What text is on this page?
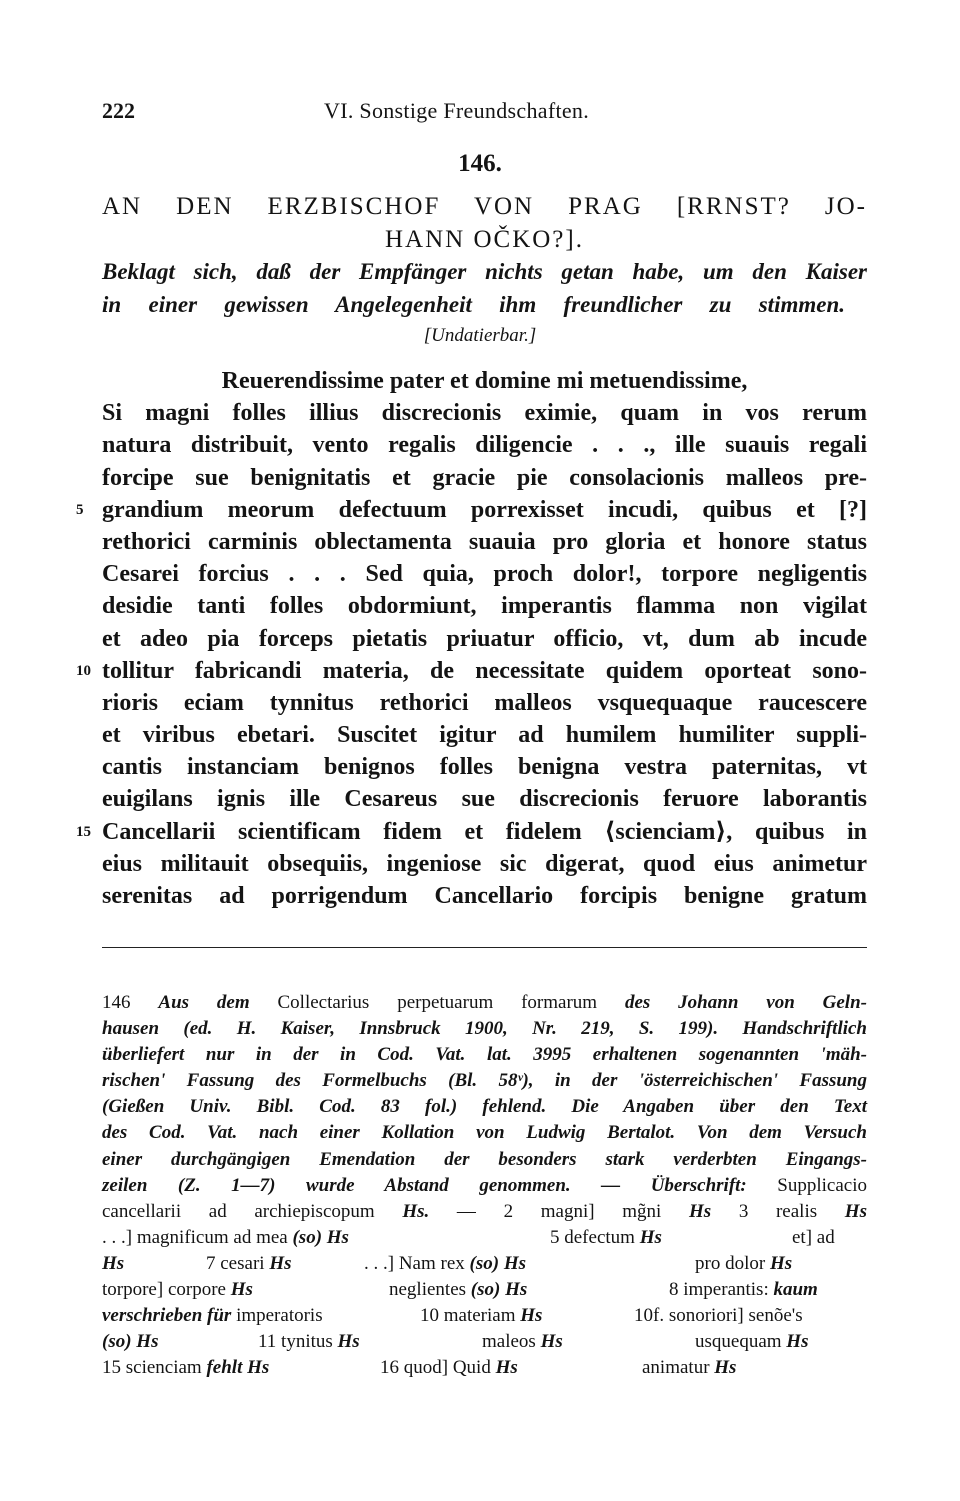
222	VI. Sonstige Freundschaften.
146.
AN DEN ERZBISCHOF VON PRAG [RRNST? JO-
HANN OČKO?].
Beklagt sich, daß der Empfänger nichts getan habe, um den Kaiser
in einer gewissen Angelegenheit ihm freundlicher zu stimmen.
[Undatierbar.]
Reuerendissime pater et domine mi metuendissime,
Si magni folles illius discrecionis eximie, quam in vos rerum
natura distribuit, vento regalis diligencie . . ., ille suauis regali
forcipe sue benignitatis et gracie pie consolacionis malleos pre-
5 grandium meorum defectuum porrexisset incudi, quibus et [?]
rethorici carminis oblectamenta suauia pro gloria et honore status
Cesarei forcius . . . Sed quia, proch dolor!, torpore negligentis
desidie tanti folles obdormiunt, imperantis flamma non vigilat
et adeo pia forceps pietatis priuatur officio, vt, dum ab incude
10 tollitur fabricandi materia, de necessitate quidem oporteat sono-
rioris eciam tynnitus rethorici malleos vsquequaque raucescere
et viribus ebetari. Suscitet igitur ad humilem humiliter suppli-
cantis instanciam benignos folles benigna vestra paternitas, vt
euigilans ignis ille Cesareus sue discrecionis feruore laborantis
15 Cancellarii scientificam fidem et fidelem ⟨scienciam⟩, quibus in
eius militauit obsequiis, ingeniose sic digerat, quod eius animetur
serenitas ad porrigendum Cancellario forcipis benigne gratum
146 Aus dem Collectarius perpetuarum formarum des Johann von Geln-
hausen (ed. H. Kaiser, Innsbruck 1900, Nr. 219, S. 199). Handschriftlich
überliefert nur in der in Cod. Vat. lat. 3995 erhaltenen sogenannten 'mäh-
rischen' Fassung des Formelbuchs (Bl. 58ᵛ), in der 'österreichischen' Fassung
(Gießen Univ. Bibl. Cod. 83 fol.) fehlend. Die Angaben über den Text
des Cod. Vat. nach einer Kollation von Ludwig Bertalot. Von dem Versuch
einer durchgängigen Emendation der besonders stark verderbten Eingangs-
zeilen (Z. 1—7) wurde Abstand genommen. — Überschrift: Supplicacio
cancellarii ad archiepiscopum Hs. — 2 magni] mg̃ni Hs 3 realis Hs
. . .] magnificum ad mea (so) Hs	5 defectum Hs	et] ad
Hs	7 cesari Hs	. . .] Nam rex (so) Hs	pro dolor Hs
torpore] corpore Hs	neglientes (so) Hs	8 imperantis: kaum
verschrieben für imperatoris	10 materiam Hs	10f. sonoriori] senõe's
(so) Hs	11 tynitus Hs	maleos Hs	usquequam Hs
15 scienciam fehlt Hs	16 quod] Quid Hs	animatur Hs
